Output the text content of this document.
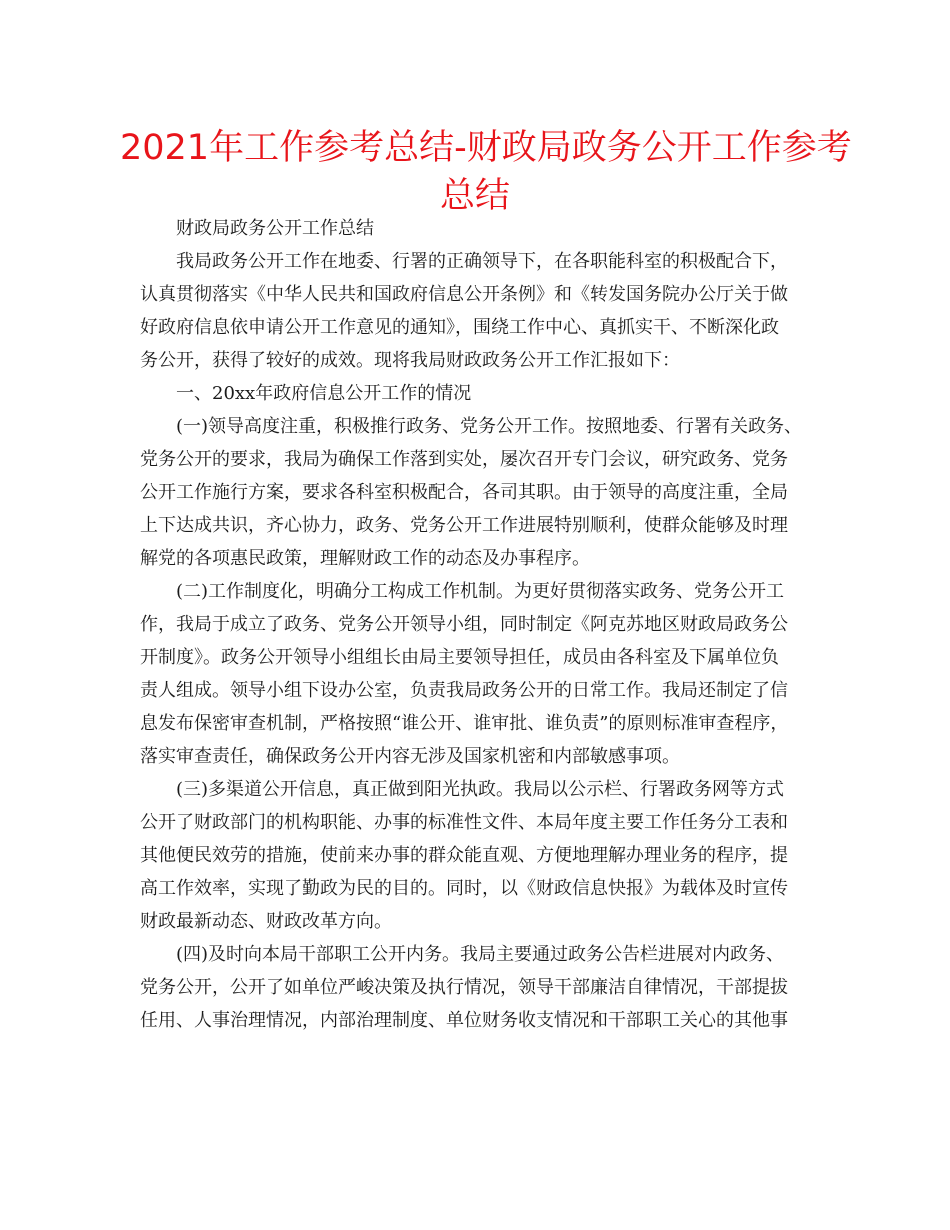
2021年工作参考总结-财政局政务公开工作参考
总结

财政局政务公开工作总结

我局政务公开工作在地委、行署的正确领导下，在各职能科室的积极配合下，
认真贯彻落实《中华人民共和国政府信息公开条例》和《转发国务院办公厅关于做
好政府信息依申请公开工作意见的通知》，围绕工作中心、真抓实干、不断深化政
务公开，获得了较好的成效。现将我局财政政务公开工作汇报如下：

一、20xx年政府信息公开工作的情况

(一)领导高度注重，积极推行政务、党务公开工作。按照地委、行署有关政务、
党务公开的要求，我局为确保工作落到实处，屡次召开专门会议，研究政务、党务
公开工作施行方案，要求各科室积极配合，各司其职。由于领导的高度注重，全局
上下达成共识，齐心协力，政务、党务公开工作进展特别顺利，使群众能够及时理
解党的各项惠民政策，理解财政工作的动态及办事程序。

(二)工作制度化，明确分工构成工作机制。为更好贯彻落实政务、党务公开工
作，我局于成立了政务、党务公开领导小组，同时制定《阿克苏地区财政局政务公
开制度》。政务公开领导小组组长由局主要领导担任，成员由各科室及下属单位负
责人组成。领导小组下设办公室，负责我局政务公开的日常工作。我局还制定了信
息发布保密审查机制，严格按照“谁公开、谁审批、谁负责”的原则标准审查程序，
落实审查责任，确保政务公开内容无涉及国家机密和内部敏感事项。

(三)多渠道公开信息，真正做到阳光执政。我局以公示栏、行署政务网等方式
公开了财政部门的机构职能、办事的标准性文件、本局年度主要工作任务分工表和
其他便民效劳的措施，使前来办事的群众能直观、方便地理解办理业务的程序，提
高工作效率，实现了勤政为民的目的。同时，以《财政信息快报》为载体及时宣传
财政最新动态、财政改革方向。

(四)及时向本局干部职工公开内务。我局主要通过政务公告栏进展对内政务、
党务公开，公开了如单位严峻决策及执行情况，领导干部廉洁自律情况，干部提拔
任用、人事治理情况，内部治理制度、单位财务收支情况和干部职工关心的其他事
